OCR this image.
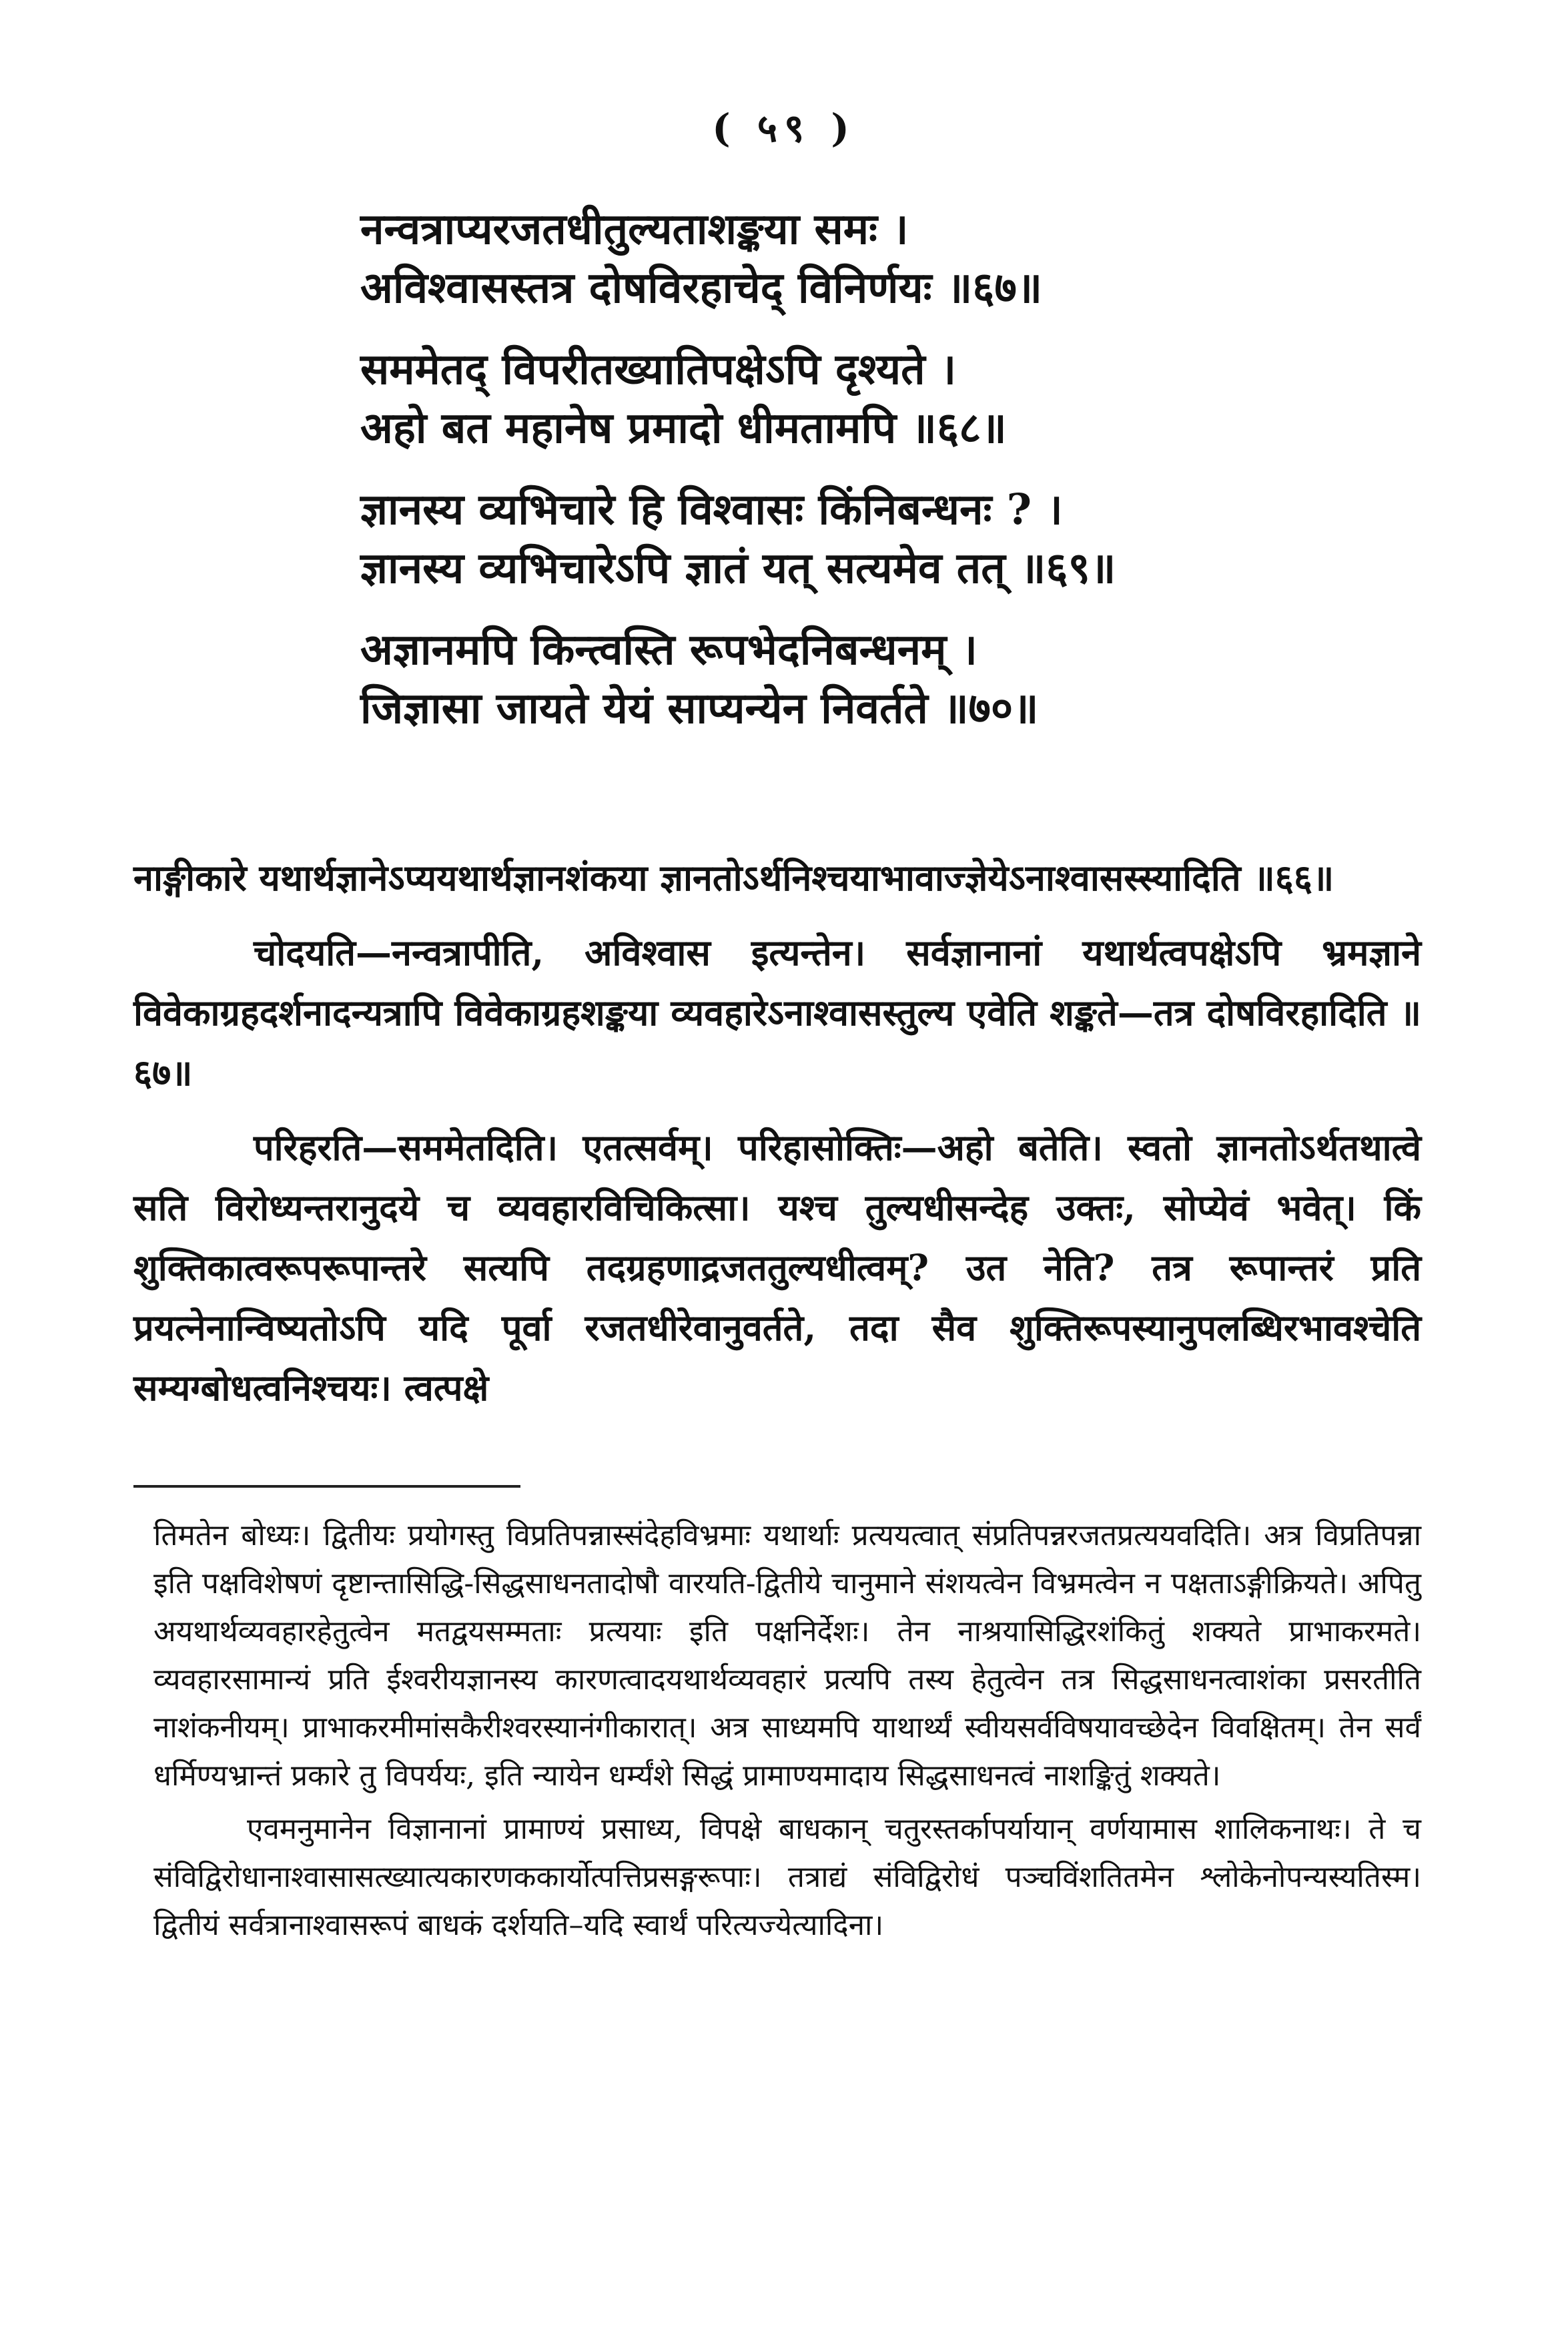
( ५९ )
नन्वत्राप्यरजतधीतुल्यताशङ्कया समः ।
अविश्वासस्तत्र दोषविरहाचेद् विनिर्णयः ॥६७॥
सममेतद् विपरीतख्यातिपक्षेऽपि दृश्यते ।
अहो बत महानेष प्रमादो धीमतामपि ॥६८॥
ज्ञानस्य व्यभिचारे हि विश्वासः किंनिबन्धनः ? ।
ज्ञानस्य व्यभिचारेऽपि ज्ञातं यत् सत्यमेव तत् ॥६९॥
अज्ञानमपि किन्त्वस्ति रूपभेदनिबन्धनम् ।
जिज्ञासा जायते येयं साप्यन्येन निवर्तते ॥७०॥

नाङ्गीकारे यथार्थज्ञानेऽप्ययथार्थज्ञानशंकया ज्ञानतोऽर्थनिश्चयाभावाज्ज्ञेयेऽनाश्वासस्स्यादिति ॥६६॥

चोदयति—नन्वत्रापीति, अविश्वास इत्यन्तेन। सर्वज्ञानानां यथार्थत्वपक्षेऽपि भ्रमज्ञाने विवेकाग्रहदर्शनादन्यत्रापि विवेकाग्रहशङ्कया व्यवहारेऽनाश्वासस्तुल्य एवेति शङ्कते—तत्र दोषविरहादिति ॥६७॥

परिहरति—सममेतदिति। एतत्सर्वम्। परिहासोक्तिः—अहो बतेति। स्वतो ज्ञानतोऽर्थतथात्वे सति विरोध्यन्तरानुदये च व्यवहारविचिकित्सा। यश्च तुल्यधीसन्देह उक्तः, सोप्येवं भवेत्। किं शुक्तिकात्वरूपरूपान्तरे सत्यपि तदग्रहणाद्रजततुल्यधीत्वम्? उत नेति? तत्र रूपान्तरं प्रति प्रयत्नेनान्विष्यतोऽपि यदि पूर्वा रजतधीरेवानुवर्तते, तदा सैव शुक्तिरूपस्यानुपलब्धिरभावश्चेति सम्यग्बोधत्वनिश्चयः। त्वत्पक्षे

तिमतेन बोध्यः। द्वितीयः प्रयोगस्तु विप्रतिपन्नास्संदेहविभ्रमाः यथार्थाः प्रत्ययत्वात् संप्रतिपन्नरजतप्रत्ययवदिति। अत्र विप्रतिपन्ना इति पक्षविशेषणं दृष्टान्तासिद्धि-सिद्धसाधनतादोषौ वारयति-द्वितीये चानुमाने संशयत्वेन विभ्रमत्वेन न पक्षताऽङ्गीक्रियते। अपितु अयथार्थव्यवहारहेतुत्वेन मतद्वयसम्मताः प्रत्ययाः इति पक्षनिर्देशः। तेन नाश्रयासिद्धिरशंकितुं शक्यते प्राभाकरमते। व्यवहारसामान्यं प्रति ईश्वरीयज्ञानस्य कारणत्वादयथार्थव्यवहारं प्रत्यपि तस्य हेतुत्वेन तत्र सिद्धसाधनत्वाशंका प्रसरतीति नाशंकनीयम्। प्राभाकरमीमांसकैरीश्वरस्यानंगीकारात्। अत्र साध्यमपि याथार्थ्यं स्वीयसर्वविषयावच्छेदेन विवक्षितम्। तेन सर्वं धर्मिण्यभ्रान्तं प्रकारे तु विपर्ययः, इति न्यायेन धर्म्यंशे सिद्धं प्रामाण्यमादाय सिद्धसाधनत्वं नाशङ्कितुं शक्यते।

एवमनुमानेन विज्ञानानां प्रामाण्यं प्रसाध्य, विपक्षे बाधकान् चतुरस्तर्कापर्यायान् वर्णयामास शालिकनाथः। ते च संविद्विरोधानाश्वासासत्ख्यात्यकारणककार्योत्पत्तिप्रसङ्गरूपाः। तत्राद्यं संविद्विरोधं पञ्चविंशतितमेन श्लोकेनोपन्यस्यतिस्म। द्वितीयं सर्वत्रानाश्वासरूपं बाधकं दर्शयति–यदि स्वार्थं परित्यज्येत्यादिना।
